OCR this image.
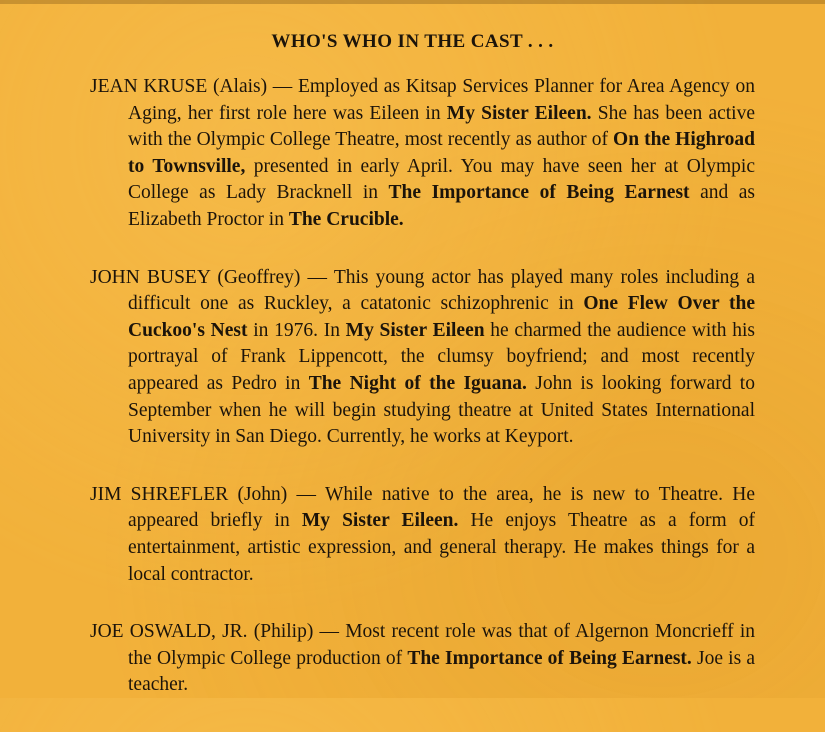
WHO'S WHO IN THE CAST . . .

JEAN KRUSE (Alais) — Employed as Kitsap Services Planner for Area Agency on Aging, her first role here was Eileen in My Sister Eileen. She has been active with the Olympic College Theatre, most recently as author of On the Highroad to Townsville, presented in early April. You may have seen her at Olympic College as Lady Bracknell in The Importance of Being Earnest and as Elizabeth Proctor in The Crucible.

JOHN BUSEY (Geoffrey) — This young actor has played many roles including a difficult one as Ruckley, a catatonic schizophrenic in One Flew Over the Cuckoo's Nest in 1976. In My Sister Eileen he charmed the audience with his portrayal of Frank Lippencott, the clumsy boyfriend; and most recently appeared as Pedro in The Night of the Iguana. John is looking forward to September when he will begin studying theatre at United States International University in San Diego. Currently, he works at Keyport.

JIM SHREFLER (John) — While native to the area, he is new to Theatre. He appeared briefly in My Sister Eileen. He enjoys Theatre as a form of entertainment, artistic expression, and general therapy. He makes things for a local contractor.

JOE OSWALD, JR. (Philip) — Most recent role was that of Algernon Moncrieff in the Olympic College production of The Importance of Being Earnest. Joe is a teacher.
